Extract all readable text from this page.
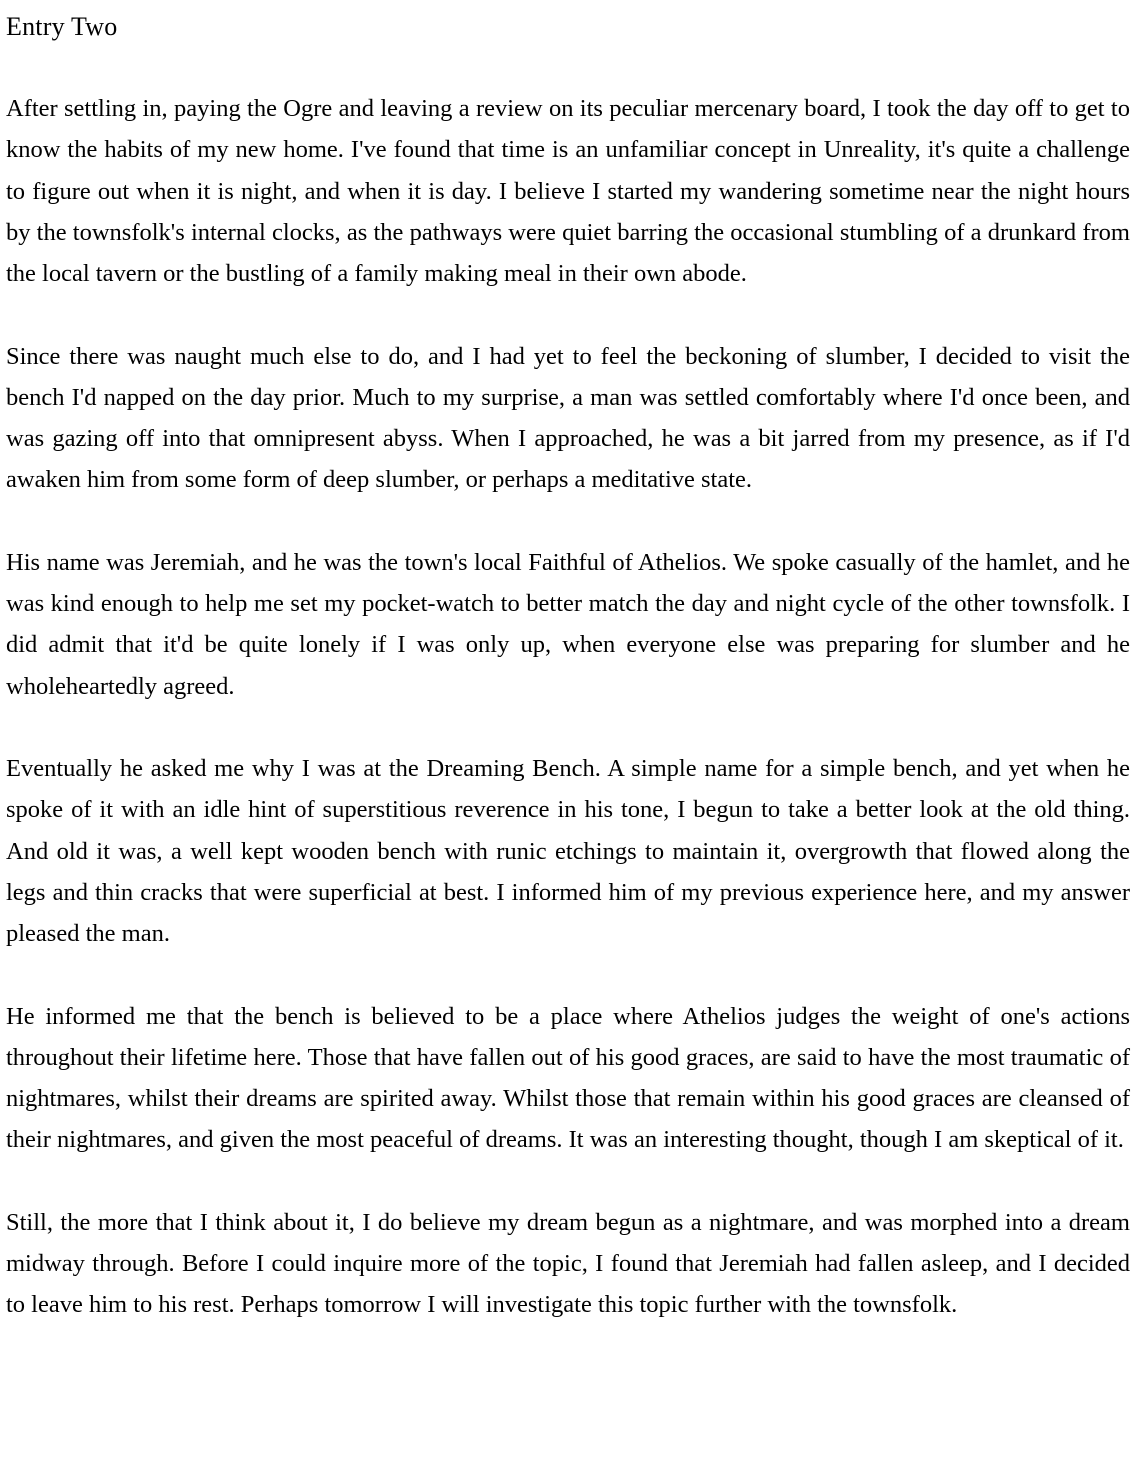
Entry Two

After settling in, paying the Ogre and leaving a review on its peculiar mercenary board, I took the day off to get to know the habits of my new home. I've found that time is an unfamiliar concept in Unreality, it's quite a challenge to figure out when it is night, and when it is day. I believe I started my wandering sometime near the night hours by the townsfolk's internal clocks, as the pathways were quiet barring the occasional stumbling of a drunkard from the local tavern or the bustling of a family making meal in their own abode.

Since there was naught much else to do, and I had yet to feel the beckoning of slumber, I decided to visit the bench I'd napped on the day prior. Much to my surprise, a man was settled comfortably where I'd once been, and was gazing off into that omnipresent abyss. When I approached, he was a bit jarred from my presence, as if I'd awaken him from some form of deep slumber, or perhaps a meditative state.

His name was Jeremiah, and he was the town's local Faithful of Athelios. We spoke casually of the hamlet, and he was kind enough to help me set my pocket-watch to better match the day and night cycle of the other townsfolk. I did admit that it'd be quite lonely if I was only up, when everyone else was preparing for slumber and he wholeheartedly agreed.

Eventually he asked me why I was at the Dreaming Bench. A simple name for a simple bench, and yet when he spoke of it with an idle hint of superstitious reverence in his tone, I begun to take a better look at the old thing. And old it was, a well kept wooden bench with runic etchings to maintain it, overgrowth that flowed along the legs and thin cracks that were superficial at best. I informed him of my previous experience here, and my answer pleased the man.

He informed me that the bench is believed to be a place where Athelios judges the weight of one's actions throughout their lifetime here. Those that have fallen out of his good graces, are said to have the most traumatic of nightmares, whilst their dreams are spirited away. Whilst those that remain within his good graces are cleansed of their nightmares, and given the most peaceful of dreams. It was an interesting thought, though I am skeptical of it.

Still, the more that I think about it, I do believe my dream begun as a nightmare, and was morphed into a dream midway through. Before I could inquire more of the topic, I found that Jeremiah had fallen asleep, and I decided to leave him to his rest. Perhaps tomorrow I will investigate this topic further with the townsfolk.
